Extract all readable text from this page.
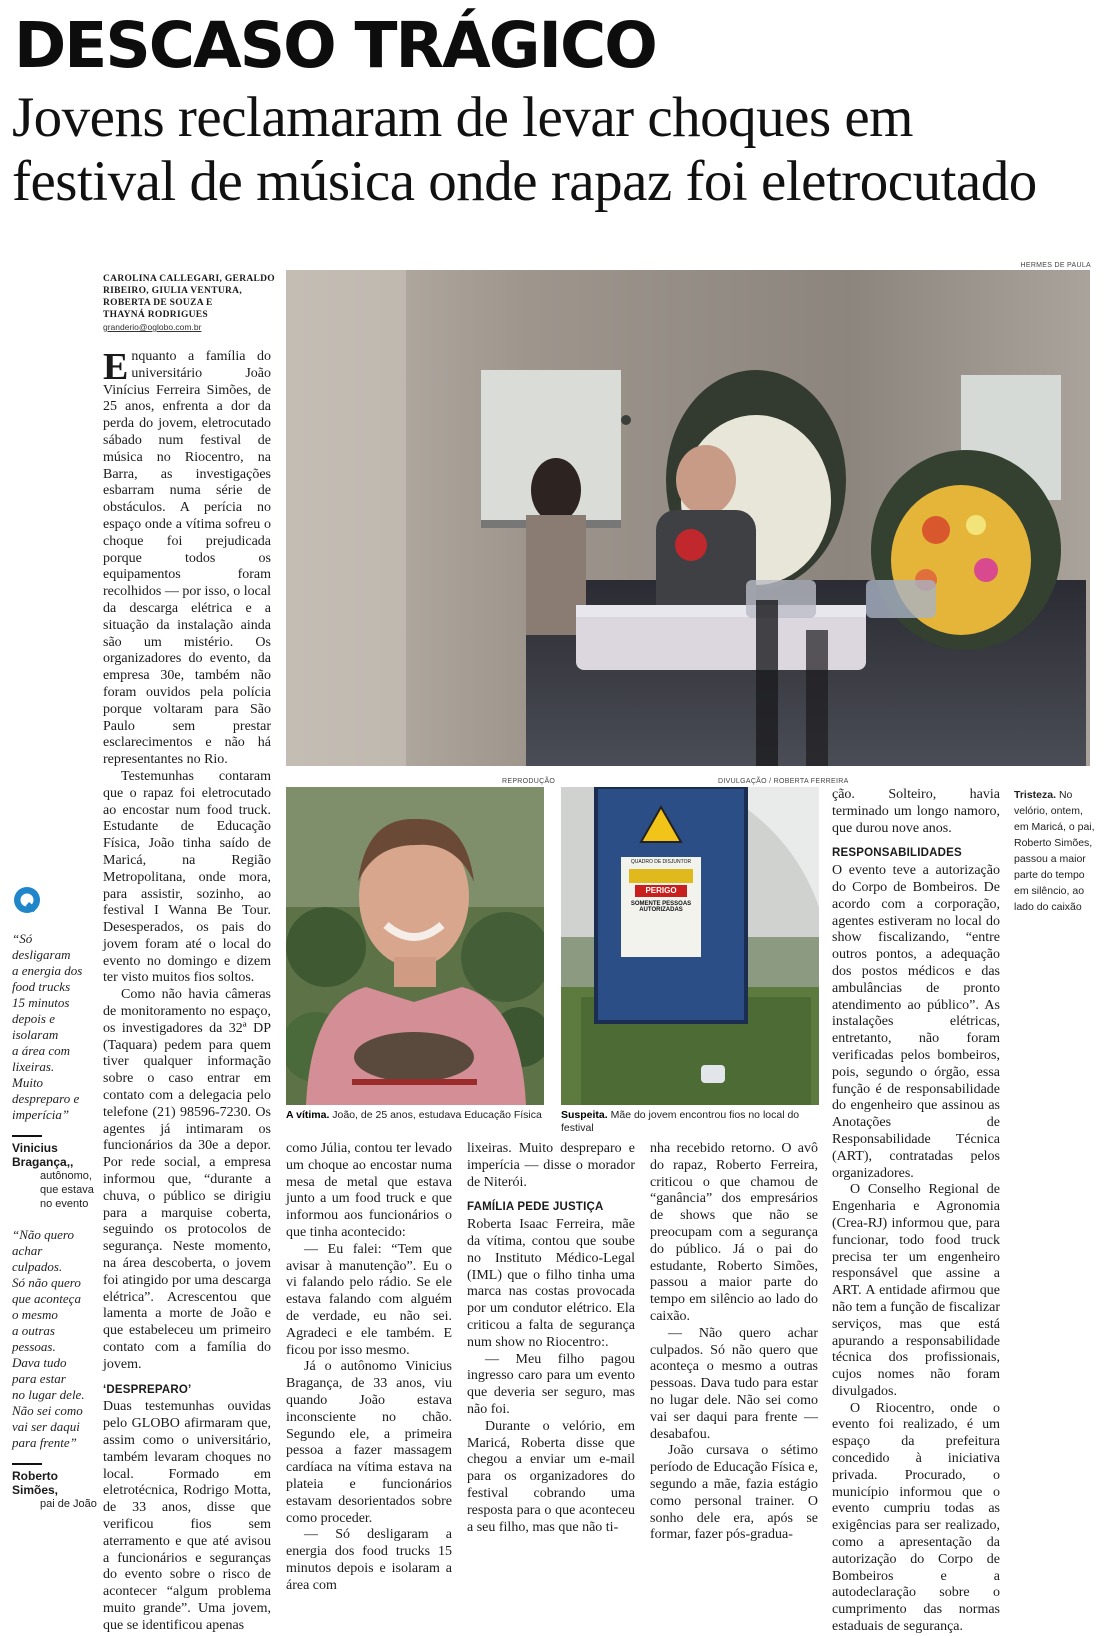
DESCASO TRÁGICO
Jovens reclamaram de levar choques em
festival de música onde rapaz foi eletrocutado
CAROLINA CALLEGARI, GERALDO
RIBEIRO, GIULIA VENTURA,
ROBERTA DE SOUZA E
THAYNÁ RODRIGUES
granderio@oglobo.com.br
HERMES DE PAULA
REPRODUÇÃO
A vítima. João, de 25 anos, estudava Educação Física
DIVULGAÇÃO / ROBERTA FERREIRA
QUADRO DE DISJUNTOR
PERIGO
SOMENTE PESSOAS AUTORIZADAS
Suspeita. Mãe do jovem encontrou fios no local do festival
Tristeza. No
velório, ontem,
em Maricá, o pai,
Roberto Simões,
passou a maior
parte do tempo
em silêncio, ao
lado do caixão
“Só
desligaram
a energia dos
food trucks
15 minutos
depois e
isolaram
a área com
lixeiras.
Muito
despreparo e
imperícia”
Vinicius
Bragança,,
autônomo,
que estava
no evento
“Não quero
achar
culpados.
Só não quero
que aconteça
o mesmo
a outras
pessoas.
Dava tudo
para estar
no lugar dele.
Não sei como
vai ser daqui
para frente”
Roberto
Simões,
pai de João

Enquanto a família do universitário João Vinícius Ferreira Simões, de 25 anos, enfrenta a dor da perda do jovem, eletrocutado sábado num festival de música no Riocentro, na Barra, as investigações esbarram numa série de obstáculos. A perícia no espaço onde a vítima sofreu o choque foi prejudicada porque todos os equipamentos foram recolhidos — por isso, o local da descarga elétrica e a situação da instalação ainda são um mistério. Os organizadores do evento, da empresa 30e, também não foram ouvidos pela polícia porque voltaram para São Paulo sem prestar esclarecimentos e não há representantes no Rio.

Testemunhas contaram que o rapaz foi eletrocutado ao encostar num food truck. Estudante de Educação Física, João tinha saído de Maricá, na Região Metropolitana, onde mora, para assistir, sozinho, ao festival I Wanna Be Tour. Desesperados, os pais do jovem foram até o local do evento no domingo e dizem ter visto muitos fios soltos.

Como não havia câmeras de monitoramento no espaço, os investigadores da 32ª DP (Taquara) pedem para quem tiver qualquer informação sobre o caso entrar em contato com a delegacia pelo telefone (21) 98596-7230. Os agentes já intimaram os funcionários da 30e a depor. Por rede social, a empresa informou que, “durante a chuva, o público se dirigiu para a marquise coberta, seguindo os protocolos de segurança. Neste momento, na área descoberta, o jovem foi atingido por uma descarga elétrica”. Acrescentou que lamenta a morte de João e que estabeleceu um primeiro contato com a família do jovem.

‘DESPREPARO’

Duas testemunhas ouvidas pelo GLOBO afirmaram que, assim como o universitário, também levaram choques no local. Formado em eletrotécnica, Rodrigo Motta, de 33 anos, disse que verificou fios sem aterramento e que até avisou a funcionários e seguranças do evento sobre o risco de acontecer “algum problema muito grande”. Uma jovem, que se identificou apenas

como Júlia, contou ter levado um choque ao encostar numa mesa de metal que estava junto a um food truck e que informou aos funcionários o que tinha acontecido:

— Eu falei: “Tem que avisar à manutenção”. Eu o vi falando pelo rádio. Se ele estava falando com alguém de verdade, eu não sei. Agradeci e ele também. E ficou por isso mesmo.

Já o autônomo Vinicius Bragança, de 33 anos, viu quando João estava inconsciente no chão. Segundo ele, a primeira pessoa a fazer massagem cardíaca na vítima estava na plateia e funcionários estavam desorientados sobre como proceder.

— Só desligaram a energia dos food trucks 15 minutos depois e isolaram a área com

lixeiras. Muito despreparo e imperícia — disse o morador de Niterói.

FAMÍLIA PEDE JUSTIÇA

Roberta Isaac Ferreira, mãe da vítima, contou que soube no Instituto Médico-Legal (IML) que o filho tinha uma marca nas costas provocada por um condutor elétrico. Ela criticou a falta de segurança num show no Riocentro:.

— Meu filho pagou ingresso caro para um evento que deveria ser seguro, mas não foi.

Durante o velório, em Maricá, Roberta disse que chegou a enviar um e-mail para os organizadores do festival cobrando uma resposta para o que aconteceu a seu filho, mas que não ti-

nha recebido retorno. O avô do rapaz, Roberto Ferreira, criticou o que chamou de “ganância” dos empresários de shows que não se preocupam com a segurança do público. Já o pai do estudante, Roberto Simões, passou a maior parte do tempo em silêncio ao lado do caixão.

— Não quero achar culpados. Só não quero que aconteça o mesmo a outras pessoas. Dava tudo para estar no lugar dele. Não sei como vai ser daqui para frente — desabafou.

João cursava o sétimo período de Educação Física e, segundo a mãe, fazia estágio como personal trainer. O sonho dele era, após se formar, fazer pós-gradua-

ção. Solteiro, havia terminado um longo namoro, que durou nove anos.

RESPONSABILIDADES

O evento teve a autorização do Corpo de Bombeiros. De acordo com a corporação, agentes estiveram no local do show fiscalizando, “entre outros pontos, a adequação dos postos médicos e das ambulâncias de pronto atendimento ao público”. As instalações elétricas, entretanto, não foram verificadas pelos bombeiros, pois, segundo o órgão, essa função é de responsabilidade do engenheiro que assinou as Anotações de Responsabilidade Técnica (ART), contratadas pelos organizadores.

O Conselho Regional de Engenharia e Agronomia (Crea-RJ) informou que, para funcionar, todo food truck precisa ter um engenheiro responsável que assine a ART. A entidade afirmou que não tem a função de fiscalizar serviços, mas que está apurando a responsabilidade técnica dos profissionais, cujos nomes não foram divulgados.

O Riocentro, onde o evento foi realizado, é um espaço da prefeitura concedido à iniciativa privada. Procurado, o município informou que o evento cumpriu todas as exigências para ser realizado, como a apresentação da autorização do Corpo de Bombeiros e a autodeclaração sobre o cumprimento das normas estaduais de segurança.
